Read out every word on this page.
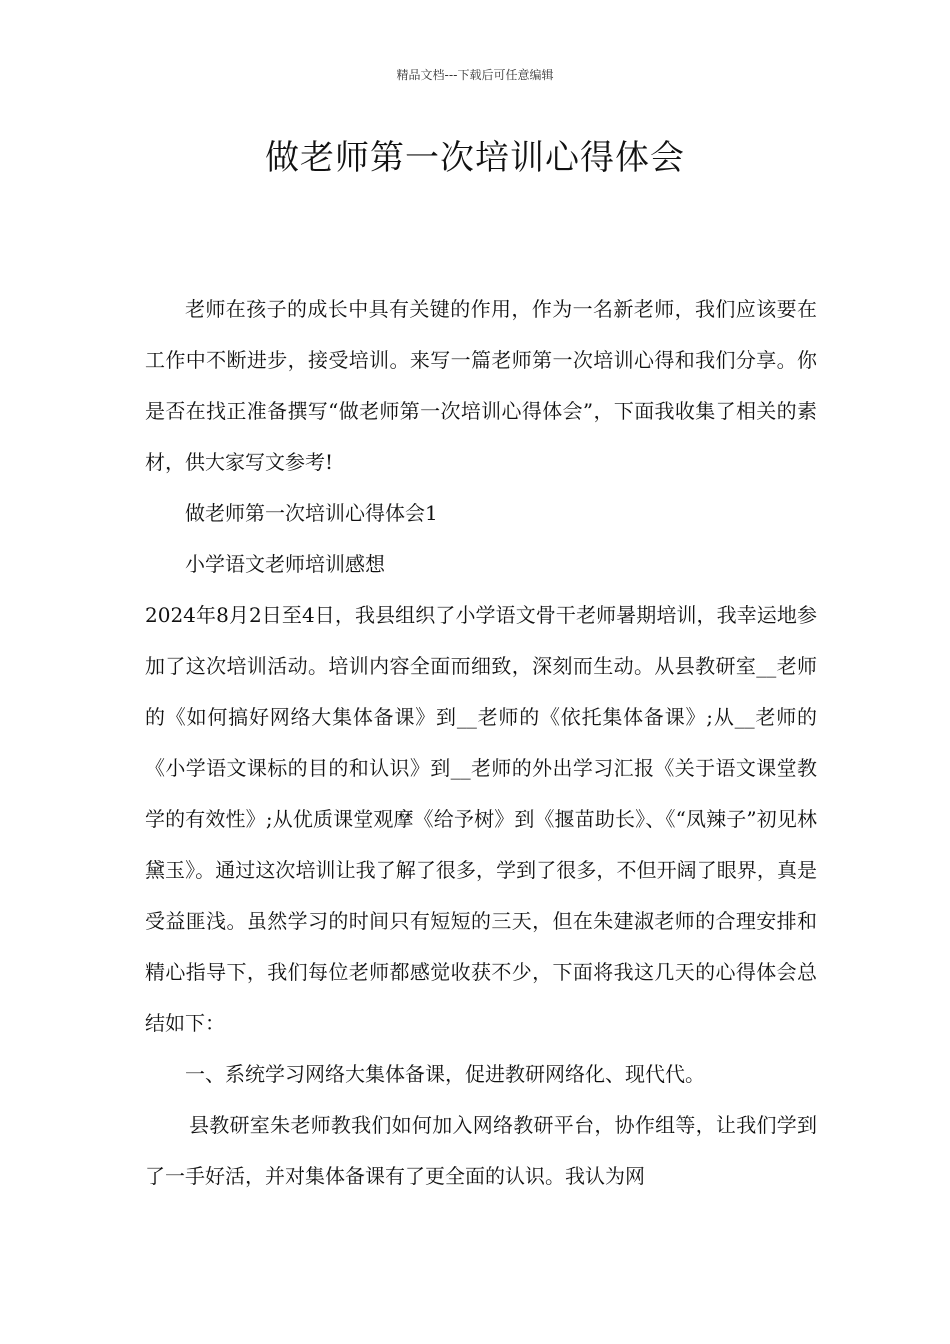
精品文档---下载后可任意编辑
做老师第一次培训心得体会

老师在孩子的成长中具有关键的作用，作为一名新老师，我们应该要在工作中不断进步，接受培训。来写一篇老师第一次培训心得和我们分享。你是否在找正准备撰写“做老师第一次培训心得体会”，下面我收集了相关的素材，供大家写文参考!

做老师第一次培训心得体会1

小学语文老师培训感想

2024年8月2日至4日，我县组织了小学语文骨干老师暑期培训，我幸运地参加了这次培训活动。培训内容全面而细致，深刻而生动。从县教研室__老师的《如何搞好网络大集体备课》到__老师的《依托集体备课》;从__老师的《小学语文课标的目的和认识》到__老师的外出学习汇报《关于语文课堂教学的有效性》;从优质课堂观摩《给予树》到《揠苗助长》、《“凤辣子”初见林黛玉》。通过这次培训让我了解了很多，学到了很多，不但开阔了眼界，真是受益匪浅。虽然学习的时间只有短短的三天，但在朱建淑老师的合理安排和精心指导下，我们每位老师都感觉收获不少，下面将我这几天的心得体会总结如下：

一、系统学习网络大集体备课，促进教研网络化、现代代。

县教研室朱老师教我们如何加入网络教研平台，协作组等，让我们学到了一手好活，并对集体备课有了更全面的认识。我认为网
